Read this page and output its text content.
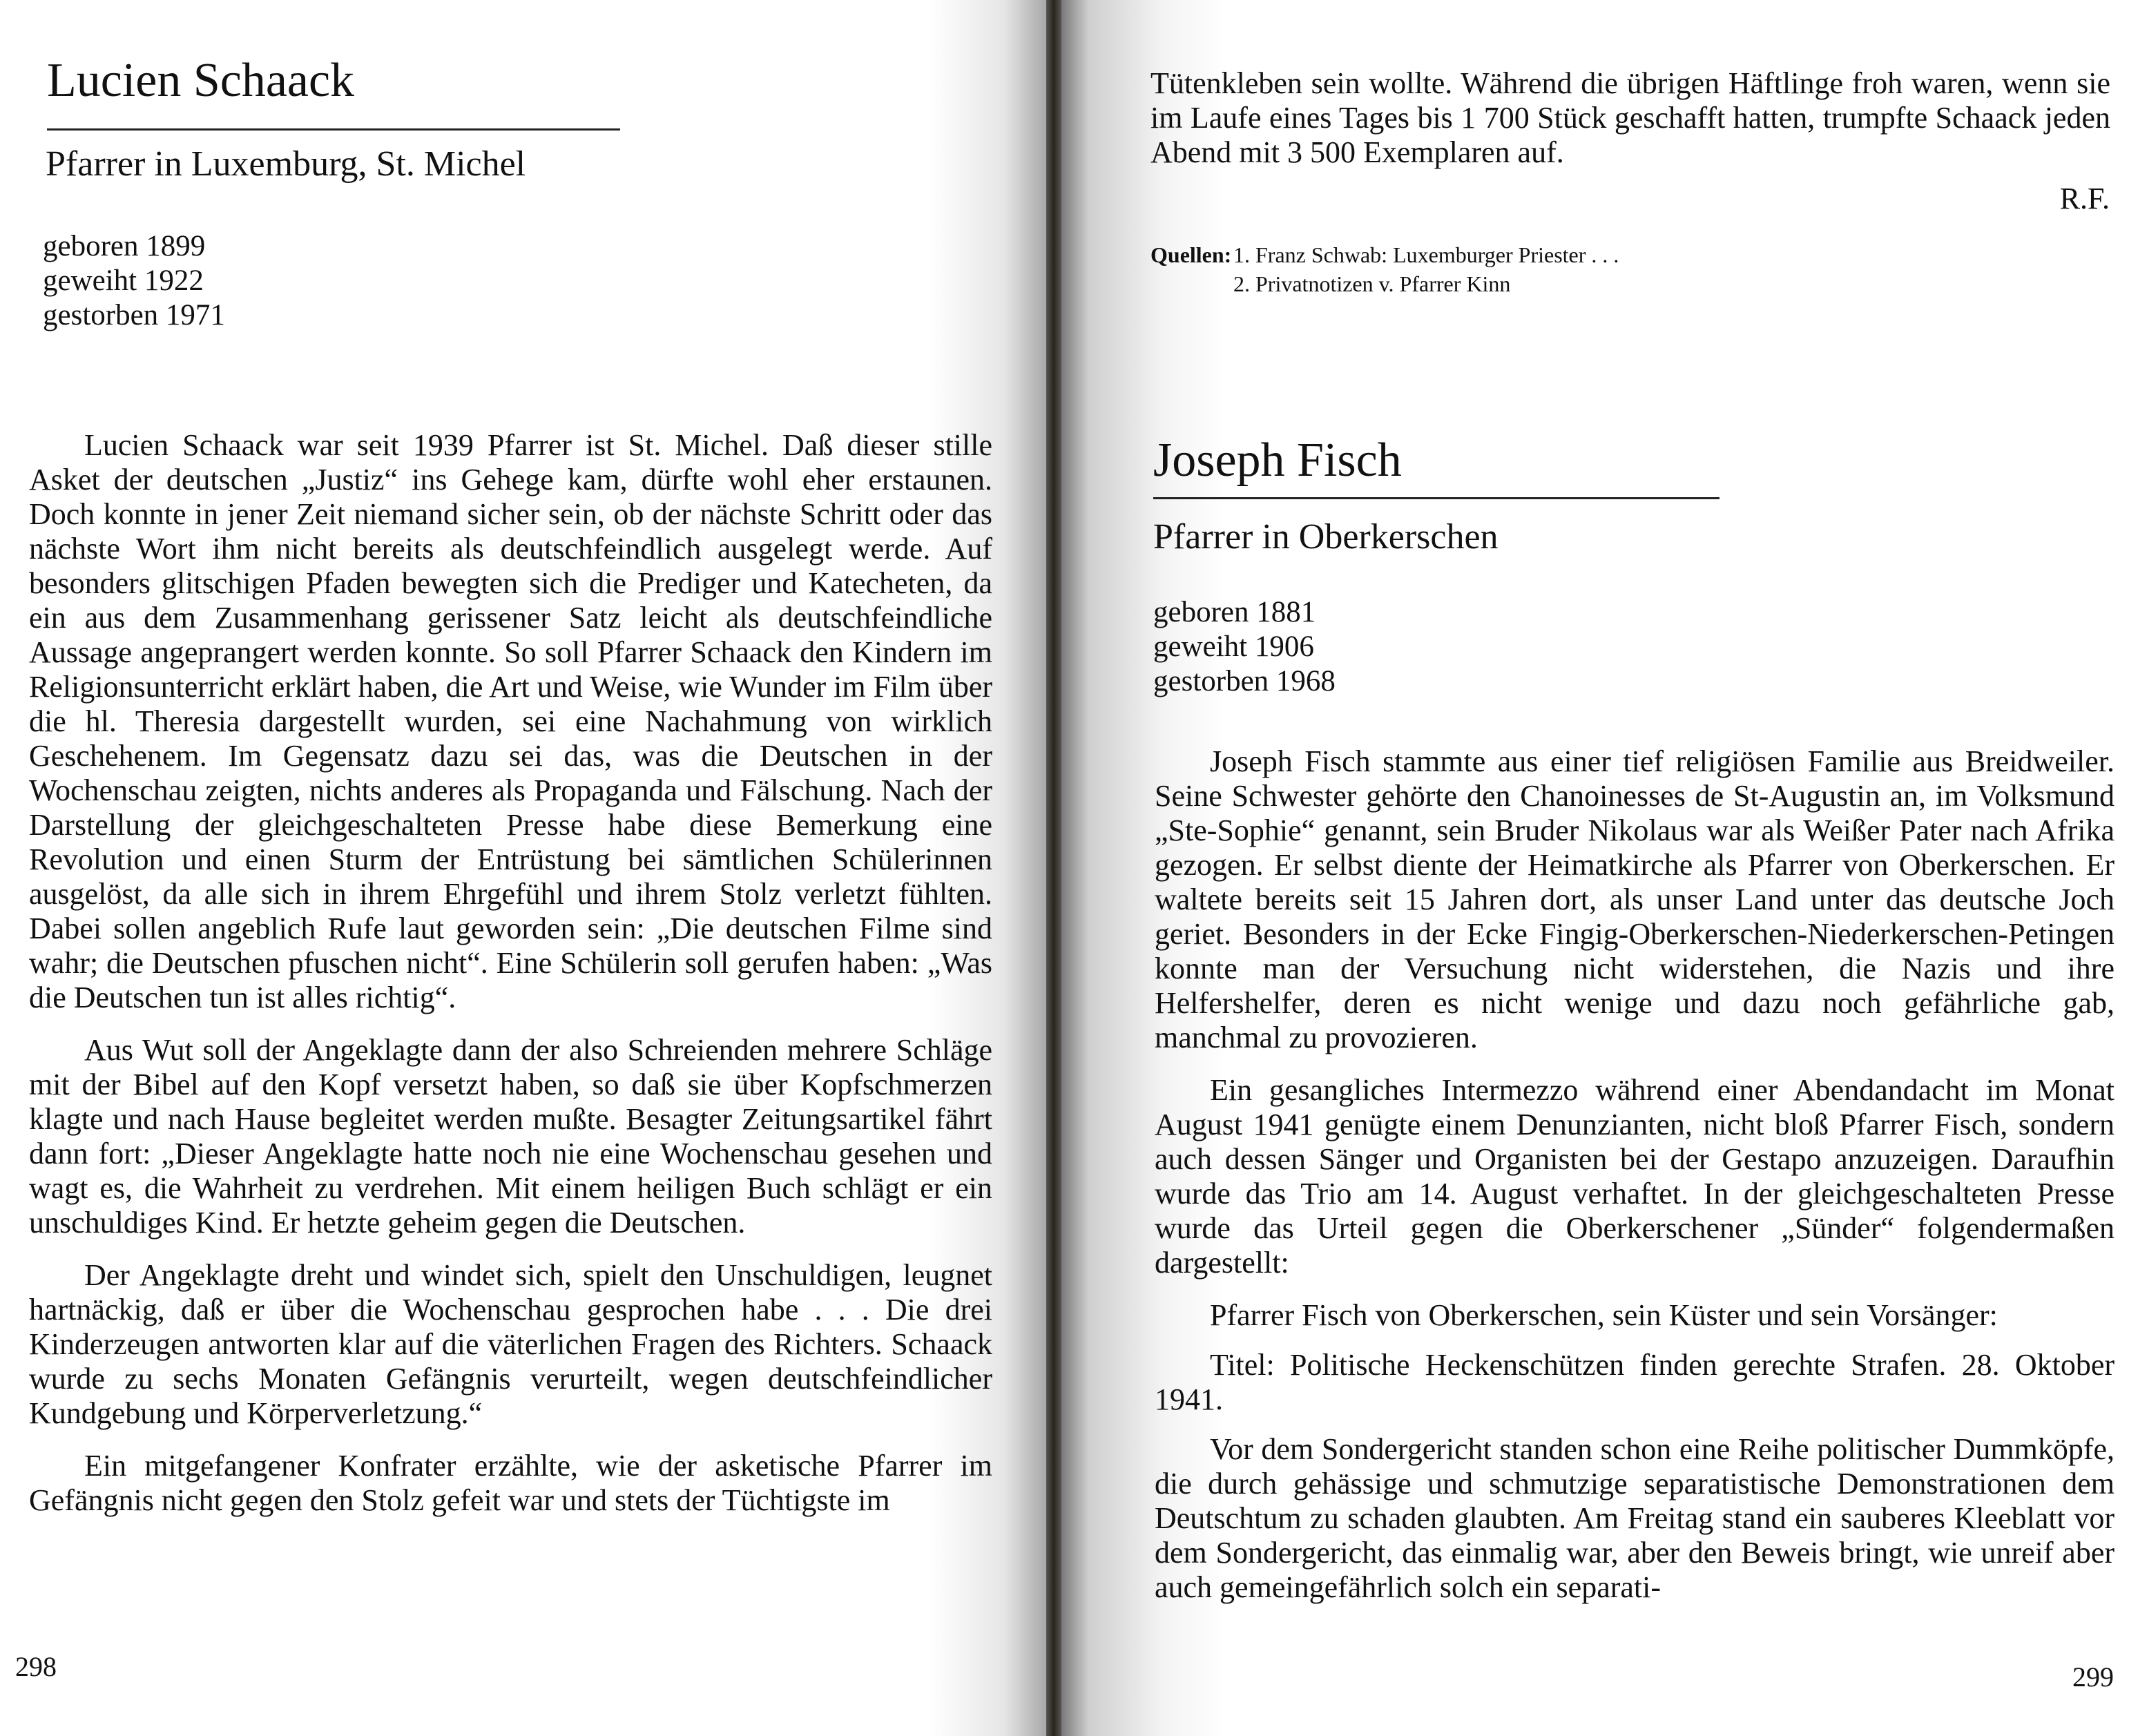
Lucien Schaack
Pfarrer in Luxemburg, St. Michel
geboren 1899
geweiht 1922
gestorben 1971

Lucien Schaack war seit 1939 Pfarrer ist St. Michel. Daß dieser stille Asket der deutschen „Justiz“ ins Gehege kam, dürfte wohl eher erstaunen. Doch konnte in jener Zeit niemand sicher sein, ob der nächste Schritt oder das nächste Wort ihm nicht bereits als deutschfeindlich ausgelegt werde. Auf besonders glitschigen Pfaden bewegten sich die Prediger und Katecheten, da ein aus dem Zusammenhang gerissener Satz leicht als deutschfeindliche Aussage angeprangert werden konnte. So soll Pfarrer Schaack den Kindern im Religionsunterricht erklärt haben, die Art und Weise, wie Wunder im Film über die hl. Theresia dargestellt wurden, sei eine Nachahmung von wirklich Geschehenem. Im Gegensatz dazu sei das, was die Deutschen in der Wochenschau zeigten, nichts anderes als Propaganda und Fälschung. Nach der Darstellung der gleichgeschalteten Presse habe diese Bemerkung eine Revolution und einen Sturm der Entrüstung bei sämtlichen Schülerinnen ausgelöst, da alle sich in ihrem Ehrgefühl und ihrem Stolz verletzt fühlten. Dabei sollen angeblich Rufe laut geworden sein: „Die deutschen Filme sind wahr; die Deutschen pfuschen nicht“. Eine Schülerin soll gerufen haben: „Was die Deutschen tun ist alles richtig“.

Aus Wut soll der Angeklagte dann der also Schreienden mehrere Schläge mit der Bibel auf den Kopf versetzt haben, so daß sie über Kopfschmerzen klagte und nach Hause begleitet werden mußte. Besagter Zeitungsartikel fährt dann fort: „Dieser Angeklagte hatte noch nie eine Wochenschau gesehen und wagt es, die Wahrheit zu verdrehen. Mit einem heiligen Buch schlägt er ein unschuldiges Kind. Er hetzte geheim gegen die Deutschen.

Der Angeklagte dreht und windet sich, spielt den Unschuldigen, leugnet hartnäckig, daß er über die Wochenschau gesprochen habe . . . Die drei Kinderzeugen antworten klar auf die väterlichen Fragen des Richters. Schaack wurde zu sechs Monaten Gefängnis verurteilt, wegen deutschfeindlicher Kundgebung und Körperverletzung.“

Ein mitgefangener Konfrater erzählte, wie der asketische Pfarrer im Gefängnis nicht gegen den Stolz gefeit war und stets der Tüchtigste im

298

Tütenkleben sein wollte. Während die übrigen Häftlinge froh waren, wenn sie im Laufe eines Tages bis 1 700 Stück geschafft hatten, trumpfte Schaack jeden Abend mit 3 500 Exemplaren auf.

R.F.
Quellen:1. Franz Schwab: Luxemburger Priester . . .
2. Privatnotizen v. Pfarrer Kinn
Joseph Fisch
Pfarrer in Oberkerschen
geboren 1881
geweiht 1906
gestorben 1968

Joseph Fisch stammte aus einer tief religiösen Familie aus Breidweiler. Seine Schwester gehörte den Chanoinesses de St-Augustin an, im Volksmund „Ste-Sophie“ genannt, sein Bruder Nikolaus war als Weißer Pater nach Afrika gezogen. Er selbst diente der Heimatkirche als Pfarrer von Oberkerschen. Er waltete bereits seit 15 Jahren dort, als unser Land unter das deutsche Joch geriet. Besonders in der Ecke Fingig-Oberkerschen-Niederkerschen-Petingen konnte man der Versuchung nicht widerstehen, die Nazis und ihre Helfershelfer, deren es nicht wenige und dazu noch gefährliche gab, manchmal zu provozieren.

Ein gesangliches Intermezzo während einer Abendandacht im Monat August 1941 genügte einem Denunzianten, nicht bloß Pfarrer Fisch, sondern auch dessen Sänger und Organisten bei der Gestapo anzuzeigen. Daraufhin wurde das Trio am 14. August verhaftet. In der gleichgeschalteten Presse wurde das Urteil gegen die Oberkerschener „Sünder“ folgendermaßen dargestellt:

Pfarrer Fisch von Oberkerschen, sein Küster und sein Vorsänger:

Titel: Politische Heckenschützen finden gerechte Strafen. 28. Oktober 1941.

Vor dem Sondergericht standen schon eine Reihe politischer Dummköpfe, die durch gehässige und schmutzige separatistische Demonstrationen dem Deutschtum zu schaden glaubten. Am Freitag stand ein sauberes Kleeblatt vor dem Sondergericht, das einmalig war, aber den Beweis bringt, wie unreif aber auch gemeingefährlich solch ein separati-

299
